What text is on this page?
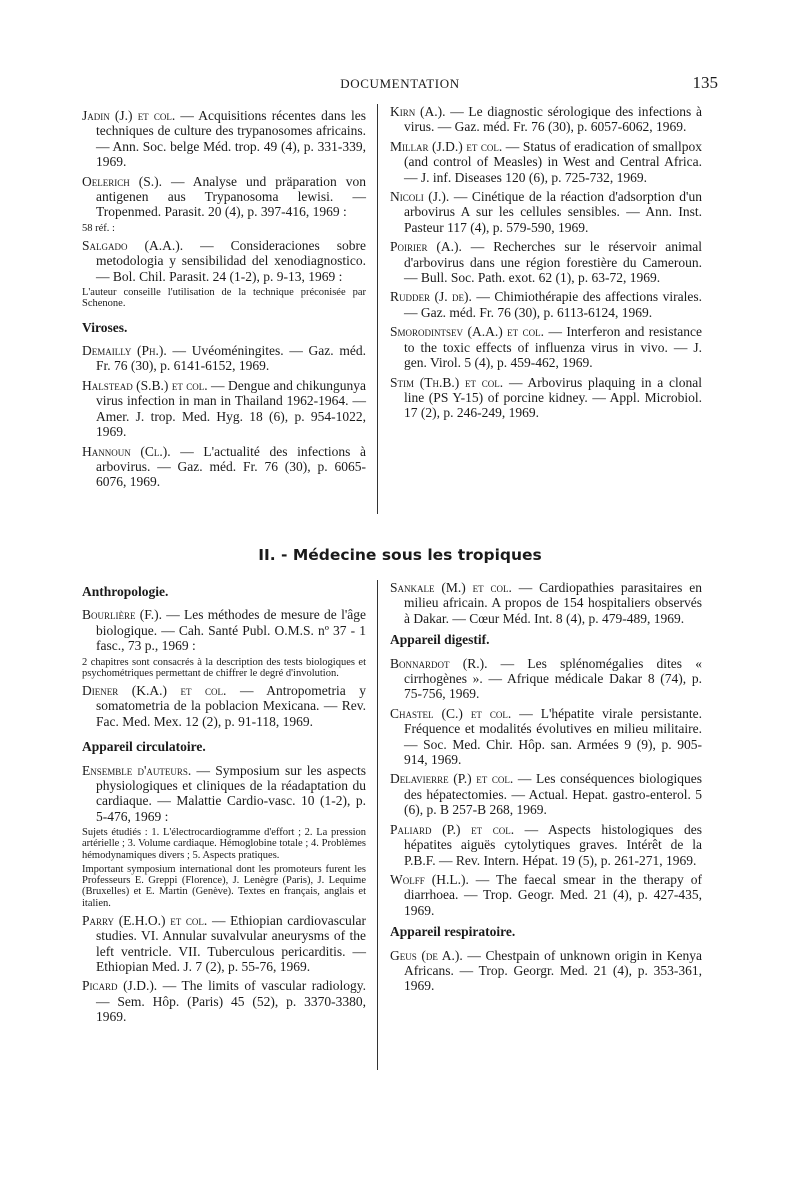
DOCUMENTATION	135
Jadin (J.) et col. — Acquisitions récentes dans les techniques de culture des trypanosomes africains. — Ann. Soc. belge Méd. trop. 49 (4), p. 331-339, 1969.
Oelerich (S.). — Analyse und präparation von antigenen aus Trypanosoma lewisi. — Tropenmed. Parasit. 20 (4), p. 397-416, 1969 :
58 réf. :
Salgado (A.A.). — Consideraciones sobre metodologia y sensibilidad del xenodiagnostico. — Bol. Chil. Parasit. 24 (1-2), p. 9-13, 1969 :
L'auteur conseille l'utilisation de la technique préconisée par Schenone.
Viroses.
Demailly (Ph.). — Uvéoméningites. — Gaz. méd. Fr. 76 (30), p. 6141-6152, 1969.
Halstead (S.B.) et col. — Dengue and chikungunya virus infection in man in Thailand 1962-1964. — Amer. J. trop. Med. Hyg. 18 (6), p. 954-1022, 1969.
Hannoun (Cl.). — L'actualité des infections à arbovirus. — Gaz. méd. Fr. 76 (30), p. 6065-6076, 1969.
Kirn (A.). — Le diagnostic sérologique des infections à virus. — Gaz. méd. Fr. 76 (30), p. 6057-6062, 1969.
Millar (J.D.) et col. — Status of eradication of smallpox (and control of Measles) in West and Central Africa. — J. inf. Diseases 120 (6), p. 725-732, 1969.
Nicoli (J.). — Cinétique de la réaction d'adsorption d'un arbovirus A sur les cellules sensibles. — Ann. Inst. Pasteur 117 (4), p. 579-590, 1969.
Poirier (A.). — Recherches sur le réservoir animal d'arbovirus dans une région forestière du Cameroun. — Bull. Soc. Path. exot. 62 (1), p. 63-72, 1969.
Rudder (J. de). — Chimiothérapie des affections virales. — Gaz. méd. Fr. 76 (30), p. 6113-6124, 1969.
Smorodintsev (A.A.) et col. — Interferon and resistance to the toxic effects of influenza virus in vivo. — J. gen. Virol. 5 (4), p. 459-462, 1969.
Stim (Th.B.) et col. — Arbovirus plaquing in a clonal line (PS Y-15) of porcine kidney. — Appl. Microbiol. 17 (2), p. 246-249, 1969.
II. - Médecine sous les tropiques
Anthropologie.
Bourlière (F.). — Les méthodes de mesure de l'âge biologique. — Cah. Santé Publ. O.M.S. nº 37 - 1 fasc., 73 p., 1969 :
2 chapitres sont consacrés à la description des tests biologiques et psychométriques permettant de chiffrer le degré d'involution.
Diener (K.A.) et col. — Antropometria y somatometria de la poblacion Mexicana. — Rev. Fac. Med. Mex. 12 (2), p. 91-118, 1969.
Appareil circulatoire.
Ensemble d'auteurs. — Symposium sur les aspects physiologiques et cliniques de la réadaptation du cardiaque. — Malattie Cardio-vasc. 10 (1-2), p. 5-476, 1969 :
Sujets étudiés : 1. L'électrocardiogramme d'effort ; 2. La pression artérielle ; 3. Volume cardiaque. Hémoglobine totale ; 4. Problèmes hémodynamiques divers ; 5. Aspects pratiques.
Important symposium international dont les promoteurs furent les Professeurs E. Greppi (Florence), J. Lenègre (Paris), J. Lequime (Bruxelles) et E. Martin (Genève). Textes en français, anglais et italien.
Parry (E.H.O.) et col. — Ethiopian cardiovascular studies. VI. Annular suvalvular aneurysms of the left ventricle. VII. Tuberculous pericarditis. — Ethiopian Med. J. 7 (2), p. 55-76, 1969.
Picard (J.D.). — The limits of vascular radiology. — Sem. Hôp. (Paris) 45 (52), p. 3370-3380, 1969.
Sankale (M.) et col. — Cardiopathies parasitaires en milieu africain. A propos de 154 hospitaliers observés à Dakar. — Cœur Méd. Int. 8 (4), p. 479-489, 1969.
Appareil digestif.
Bonnardot (R.). — Les splénomégalies dites « cirrhogènes ». — Afrique médicale Dakar 8 (74), p. 75-756, 1969.
Chastel (C.) et col. — L'hépatite virale persistante. Fréquence et modalités évolutives en milieu militaire. — Soc. Med. Chir. Hôp. san. Armées 9 (9), p. 905-914, 1969.
Delavierre (P.) et col. — Les conséquences biologiques des hépatectomies. — Actual. Hepat. gastro-enterol. 5 (6), p. B 257-B 268, 1969.
Paliard (P.) et col. — Aspects histologiques des hépatites aiguës cytolytiques graves. Intérêt de la P.B.F. — Rev. Intern. Hépat. 19 (5), p. 261-271, 1969.
Wolff (H.L.). — The faecal smear in the therapy of diarrhoea. — Trop. Geogr. Med. 21 (4), p. 427-435, 1969.
Appareil respiratoire.
Geus (de A.). — Chestpain of unknown origin in Kenya Africans. — Trop. Georgr. Med. 21 (4), p. 353-361, 1969.
